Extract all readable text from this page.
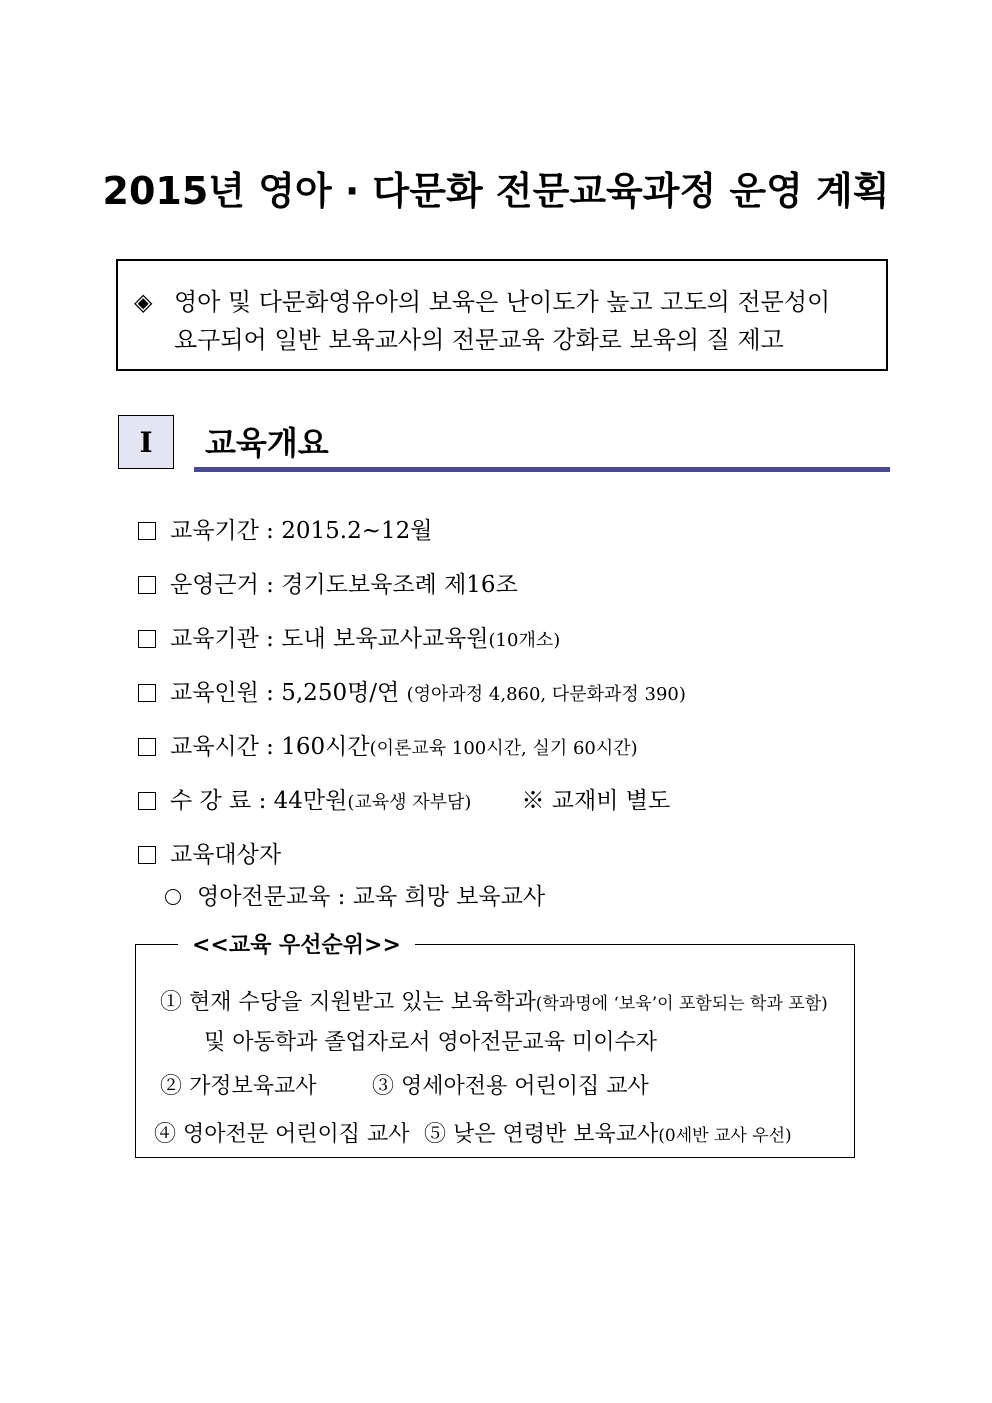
2015년 영아 · 다문화 전문교육과정 운영 계획
◈ 영아 및 다문화영유아의 보육은 난이도가 높고 고도의 전문성이
요구되어 일반 보육교사의 전문교육 강화로 보육의 질 제고
I	교육개요
교육기간 : 2015.2~12월
운영근거 : 경기도보육조례 제16조
교육기관 : 도내 보육교사교육원(10개소)
교육인원 : 5,250명/연 (영아과정 4,860, 다문화과정 390)
교육시간 : 160시간(이론교육 100시간, 실기 60시간)
수 강 료 : 44만원(교육생 자부담) ※ 교재비 별도
교육대상자
영아전문교육 : 교육 희망 보육교사
① 현재 수당을 지원받고 있는 보육학과(학과명에 ‘보육’이 포함되는 학과 포함)
및 아동학과 졸업자로서 영아전문교육 미이수자
② 가정보육교사	③ 영세아전용 어린이집 교사
④ 영아전문 어린이집 교사 ⑤ 낮은 연령반 보육교사(0세반 교사 우선)
<<교육 우선순위>>
